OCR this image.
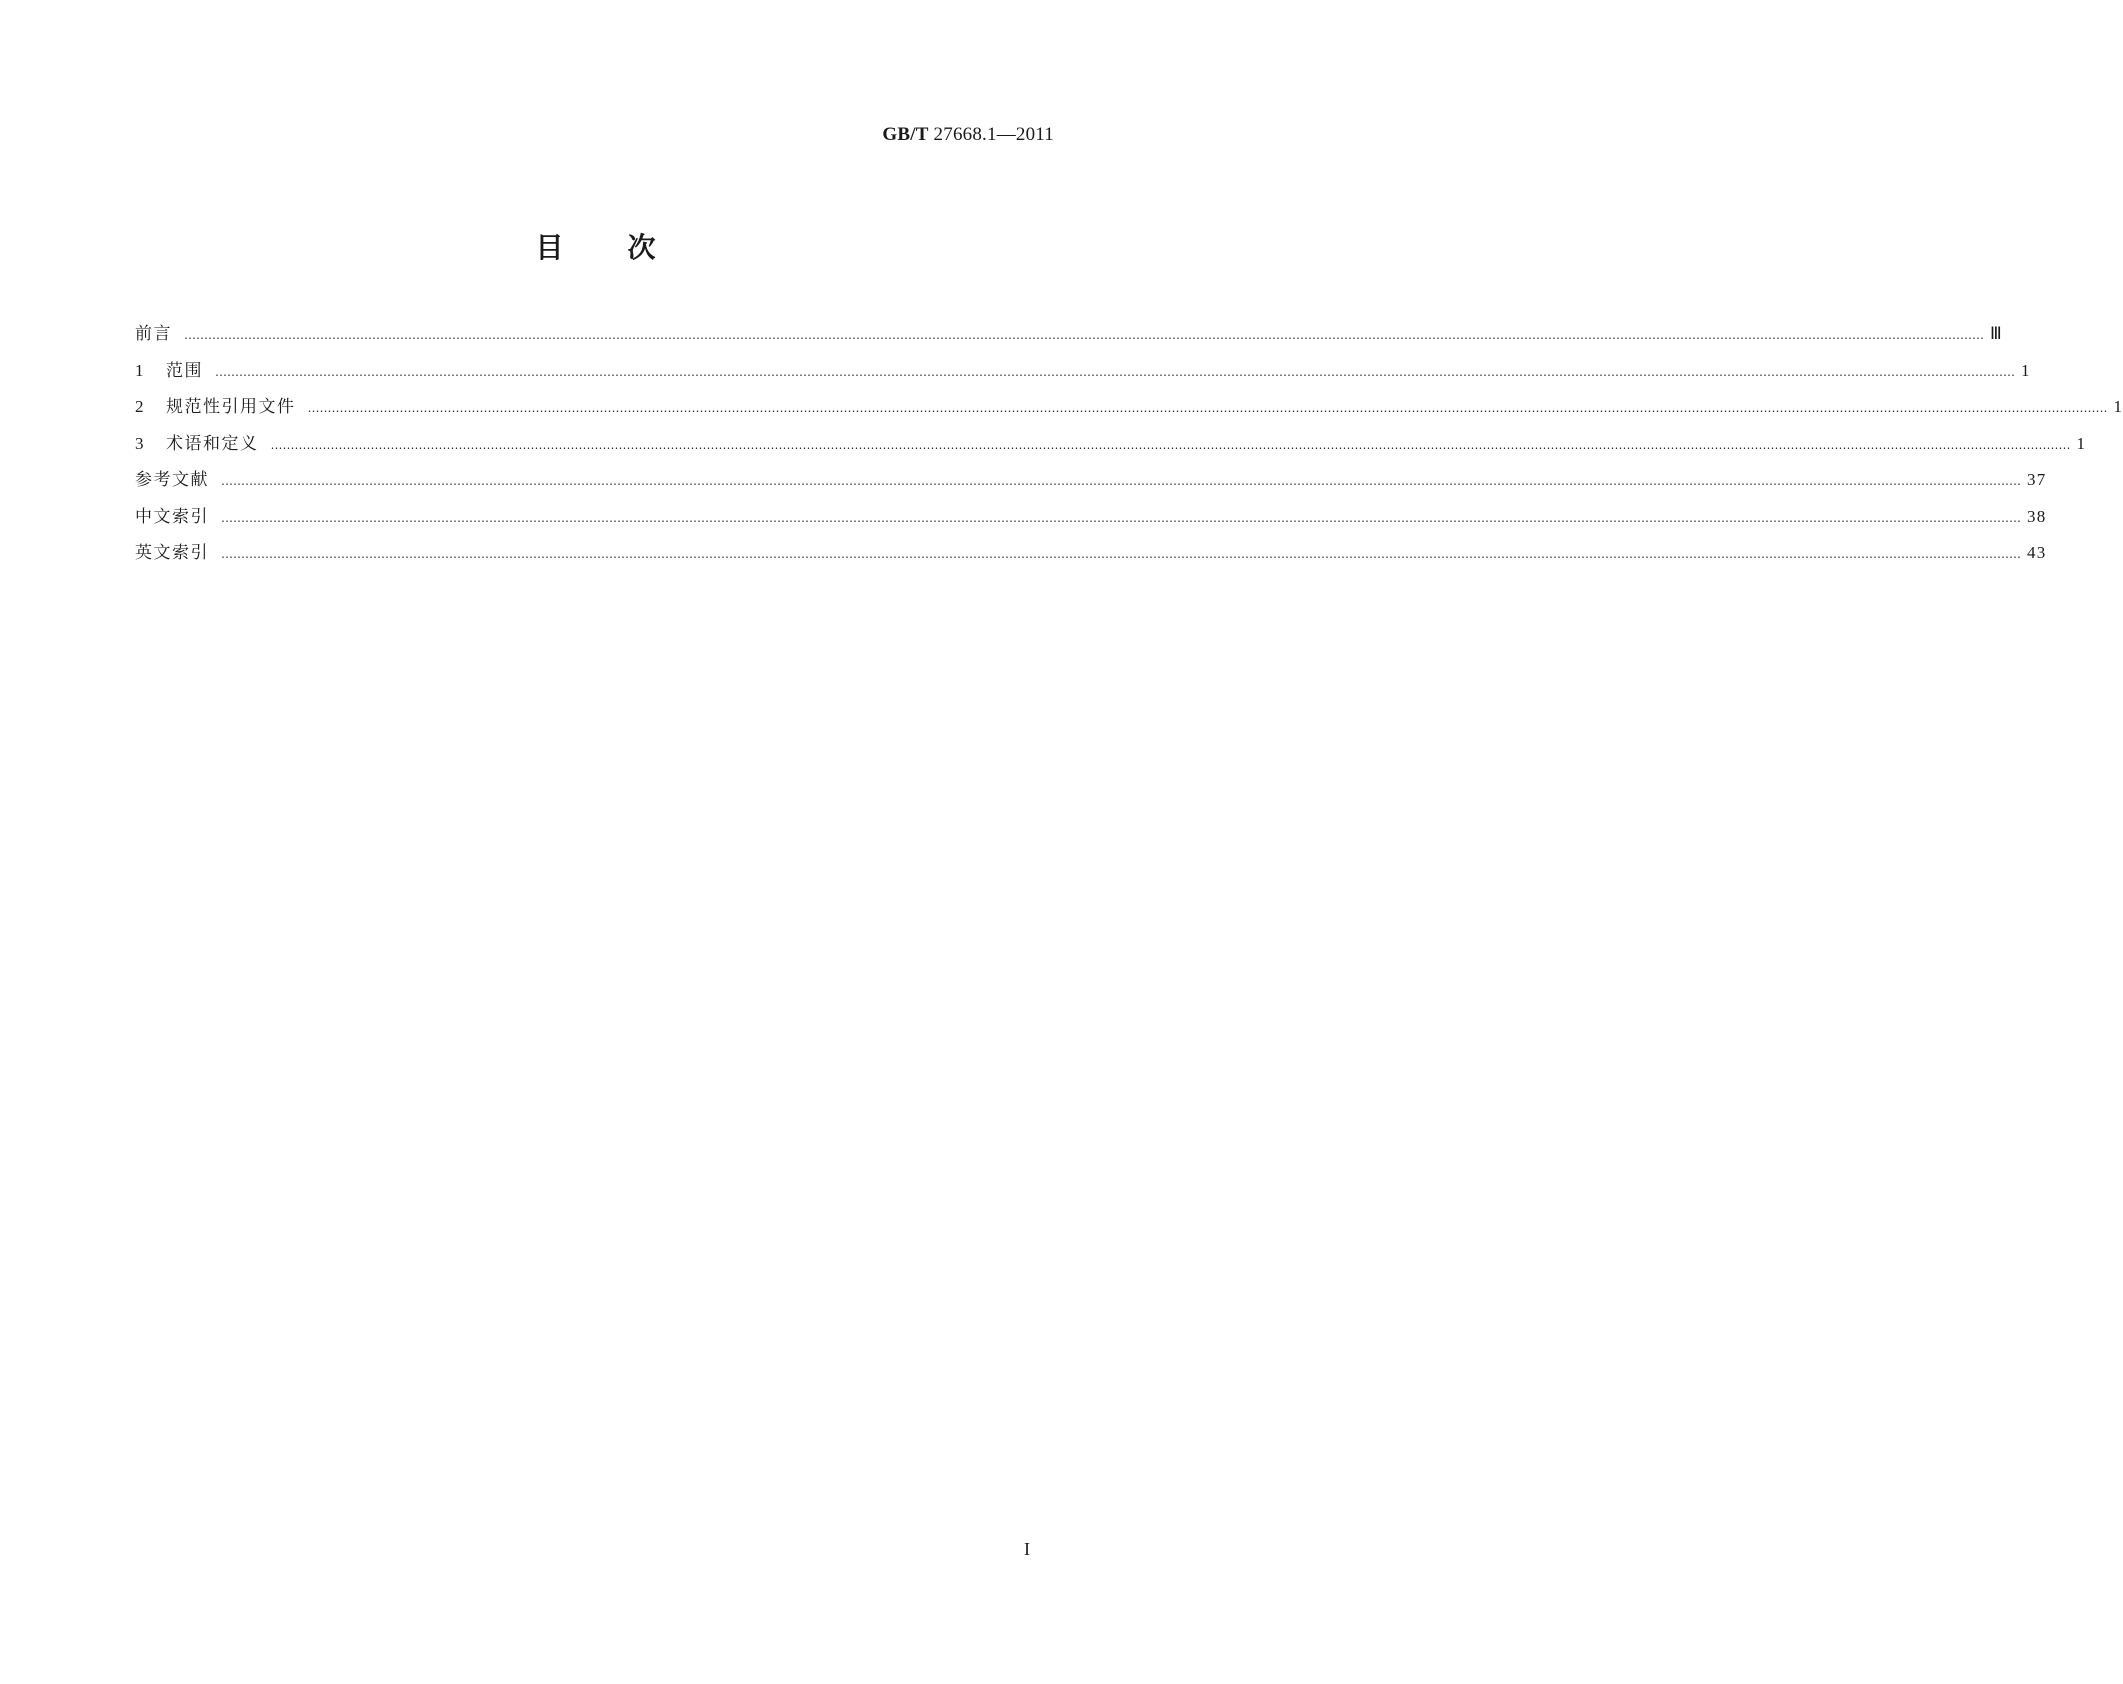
GB/T 27668.1—2011
目 次
前言 ……………………………………………………………………………………………………………………………………………………………………………………………………………………………………………………………………………………………………………………………………………………………………………………………………………… Ⅲ
1	范围 ……………………………………………………………………………………………………………………………………………………………………………………………………………………………………………………………………………………………………………………………………………………………………………………………………………… 1
2	规范性引用文件 ……………………………………………………………………………………………………………………………………………………………………………………………………………………………………………………………………………………………………………………………………………………………………………………………………………… 1
3	术语和定义 ……………………………………………………………………………………………………………………………………………………………………………………………………………………………………………………………………………………………………………………………………………………………………………………………………………… 1
参考文献 ……………………………………………………………………………………………………………………………………………………………………………………………………………………………………………………………………………………………………………………………………………………………………………………………………………… 37
中文索引 ……………………………………………………………………………………………………………………………………………………………………………………………………………………………………………………………………………………………………………………………………………………………………………………………………………… 38
英文索引 ……………………………………………………………………………………………………………………………………………………………………………………………………………………………………………………………………………………………………………………………………………………………………………………………………………… 43
I
